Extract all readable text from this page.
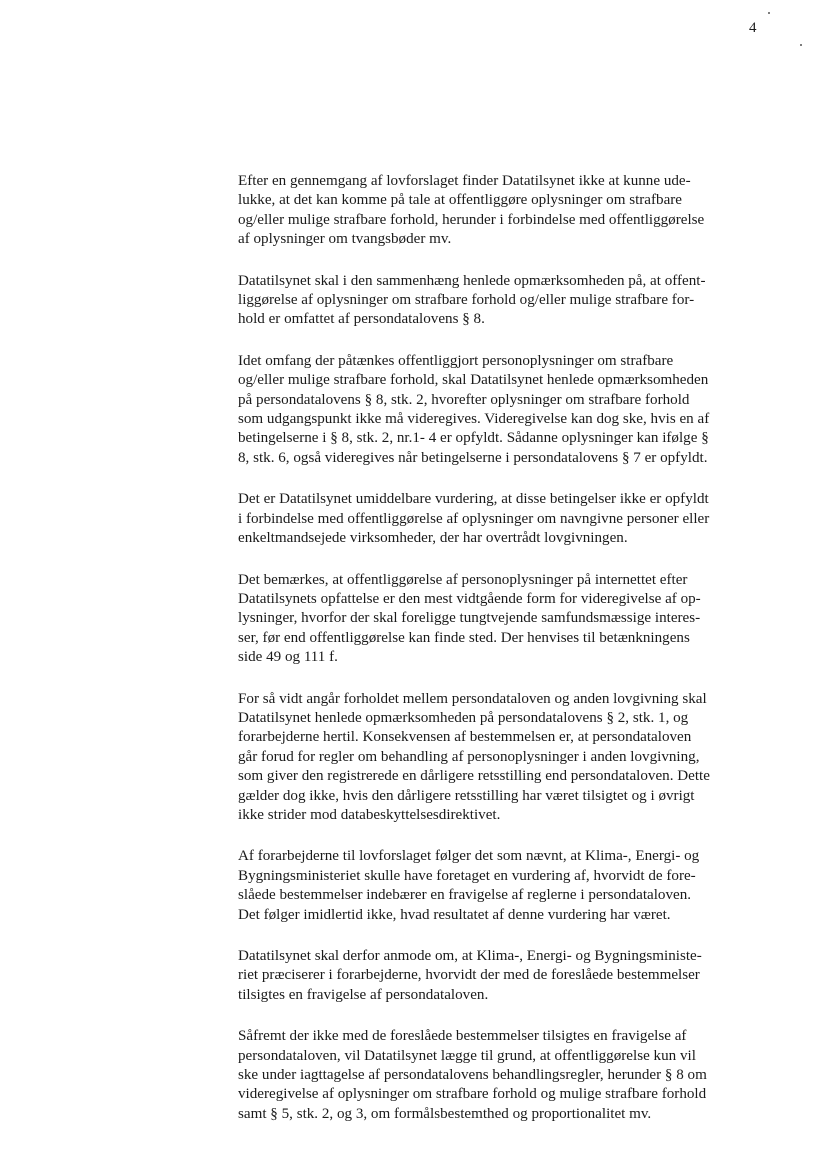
4

Efter en gennemgang af lovforslaget finder Datatilsynet ikke at kunne ude-
lukke, at det kan komme på tale at offentliggøre oplysninger om strafbare
og/eller mulige strafbare forhold, herunder i forbindelse med offentliggørelse
af oplysninger om tvangsbøder mv.

Datatilsynet skal i den sammenhæng henlede opmærksomheden på, at offent-
liggørelse af oplysninger om strafbare forhold og/eller mulige strafbare for-
hold er omfattet af persondatalovens § 8.

Idet omfang der påtænkes offentliggjort personoplysninger om strafbare
og/eller mulige strafbare forhold, skal Datatilsynet henlede opmærksomheden
på persondatalovens § 8, stk. 2, hvorefter oplysninger om strafbare forhold
som udgangspunkt ikke må videregives. Videregivelse kan dog ske, hvis en af
betingelserne i § 8, stk. 2, nr.1- 4 er opfyldt. Sådanne oplysninger kan ifølge §
8, stk. 6, også videregives når betingelserne i persondatalovens § 7 er opfyldt.

Det er Datatilsynet umiddelbare vurdering, at disse betingelser ikke er opfyldt
i forbindelse med offentliggørelse af oplysninger om navngivne personer eller
enkeltmandsejede virksomheder, der har overtrådt lovgivningen.

Det bemærkes, at offentliggørelse af personoplysninger på internettet efter
Datatilsynets opfattelse er den mest vidtgående form for videregivelse af op-
lysninger, hvorfor der skal foreligge tungtvejende samfundsmæssige interes-
ser, før end offentliggørelse kan finde sted. Der henvises til betænkningens
side 49 og 111 f.

For så vidt angår forholdet mellem persondataloven og anden lovgivning skal
Datatilsynet henlede opmærksomheden på persondatalovens § 2, stk. 1, og
forarbejderne hertil. Konsekvensen af bestemmelsen er, at persondataloven
går forud for regler om behandling af personoplysninger i anden lovgivning,
som giver den registrerede en dårligere retsstilling end persondataloven. Dette
gælder dog ikke, hvis den dårligere retsstilling har været tilsigtet og i øvrigt
ikke strider mod databeskyttelsesdirektivet.

Af forarbejderne til lovforslaget følger det som nævnt, at Klima-, Energi- og
Bygningsministeriet skulle have foretaget en vurdering af, hvorvidt de fore-
slåede bestemmelser indebærer en fravigelse af reglerne i persondataloven.
Det følger imidlertid ikke, hvad resultatet af denne vurdering har været.

Datatilsynet skal derfor anmode om, at Klima-, Energi- og Bygningsministe-
riet præciserer i forarbejderne, hvorvidt der med de foreslåede bestemmelser
tilsigtes en fravigelse af persondataloven.

Såfremt der ikke med de foreslåede bestemmelser tilsigtes en fravigelse af
persondataloven, vil Datatilsynet lægge til grund, at offentliggørelse kun vil
ske under iagttagelse af persondatalovens behandlingsregler, herunder § 8 om
videregivelse af oplysninger om strafbare forhold og mulige strafbare forhold
samt § 5, stk. 2, og 3, om formålsbestemthed og proportionalitet mv.
